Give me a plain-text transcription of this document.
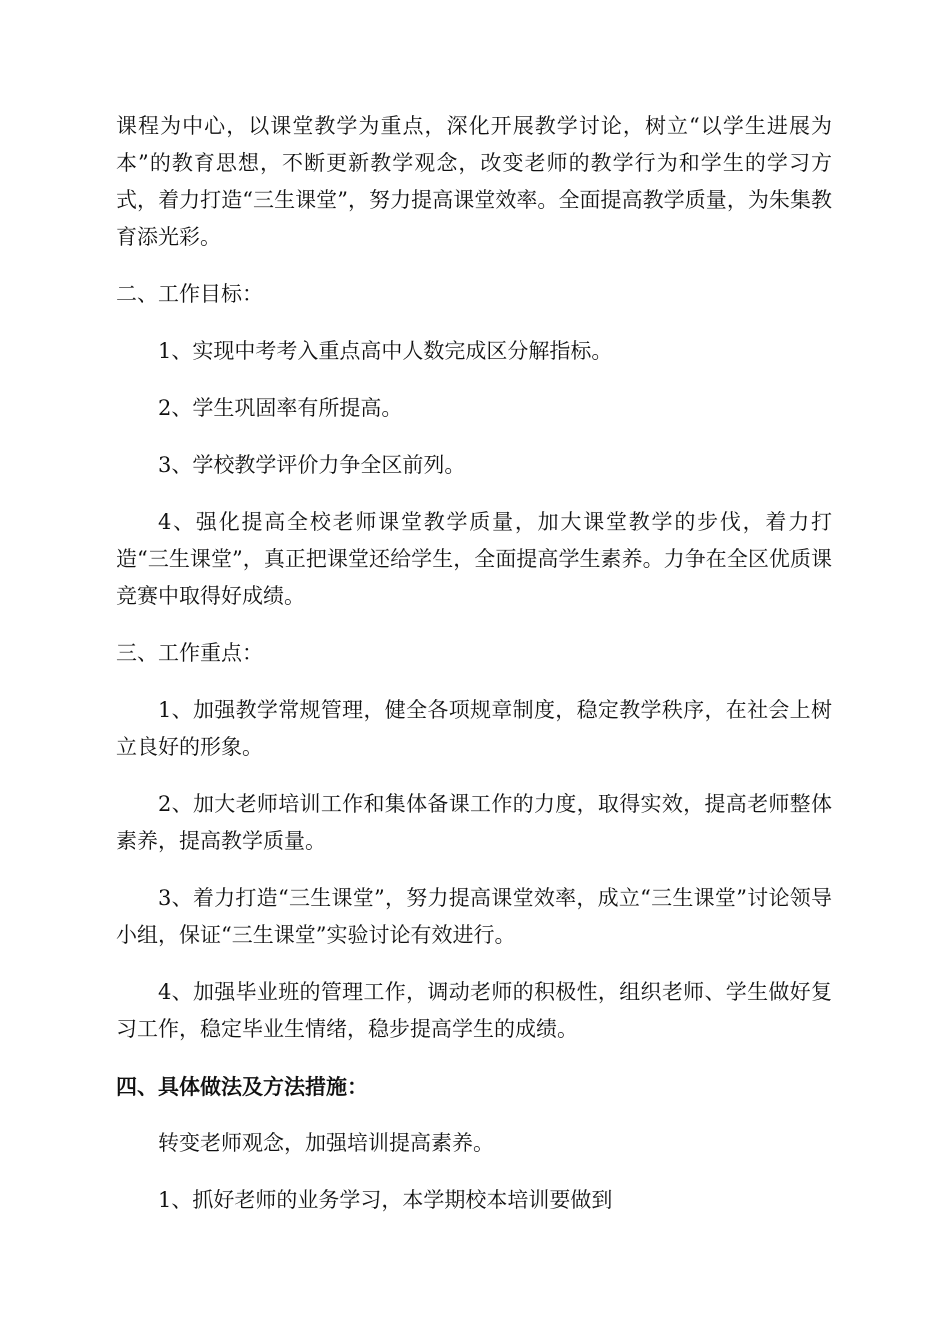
课程为中心，以课堂教学为重点，深化开展教学讨论，树立“以学生进展为本”的教育思想，不断更新教学观念，改变老师的教学行为和学生的学习方式，着力打造“三生课堂”，努力提高课堂效率。全面提高教学质量，为朱集教育添光彩。

二、工作目标：

1、实现中考考入重点高中人数完成区分解指标。

2、学生巩固率有所提高。

3、学校教学评价力争全区前列。

4、强化提高全校老师课堂教学质量，加大课堂教学的步伐，着力打造“三生课堂”，真正把课堂还给学生，全面提高学生素养。力争在全区优质课竞赛中取得好成绩。

三、工作重点：

1、加强教学常规管理，健全各项规章制度，稳定教学秩序，在社会上树立良好的形象。

2、加大老师培训工作和集体备课工作的力度，取得实效，提高老师整体素养，提高教学质量。

3、着力打造“三生课堂”，努力提高课堂效率，成立“三生课堂”讨论领导小组，保证“三生课堂”实验讨论有效进行。

4、加强毕业班的管理工作，调动老师的积极性，组织老师、学生做好复习工作，稳定毕业生情绪，稳步提高学生的成绩。

四、具体做法及方法措施：

转变老师观念，加强培训提高素养。

1、抓好老师的业务学习，本学期校本培训要做到
